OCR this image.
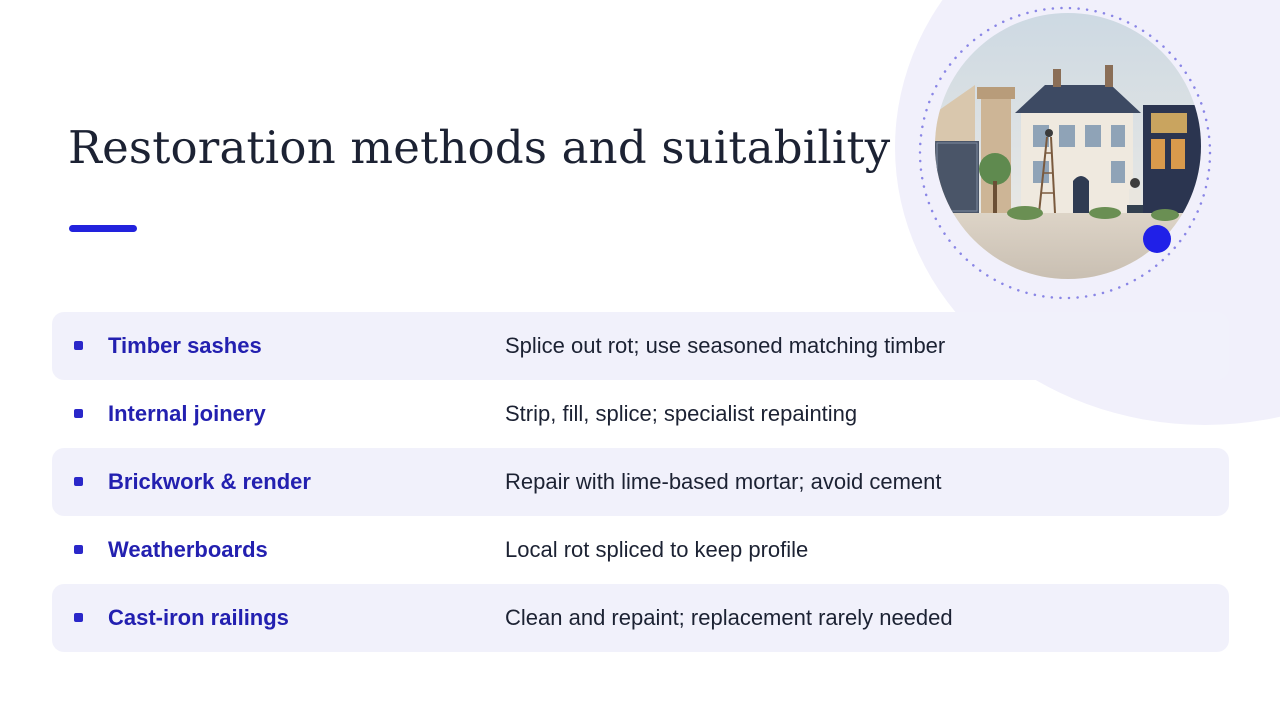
Restoration methods and suitability
Timber sashes	Splice out rot; use seasoned matching timber
Internal joinery	Strip, fill, splice; specialist repainting
Brickwork & render	Repair with lime-based mortar; avoid cement
Weatherboards	Local rot spliced to keep profile
Cast-iron railings	Clean and repaint; replacement rarely needed
